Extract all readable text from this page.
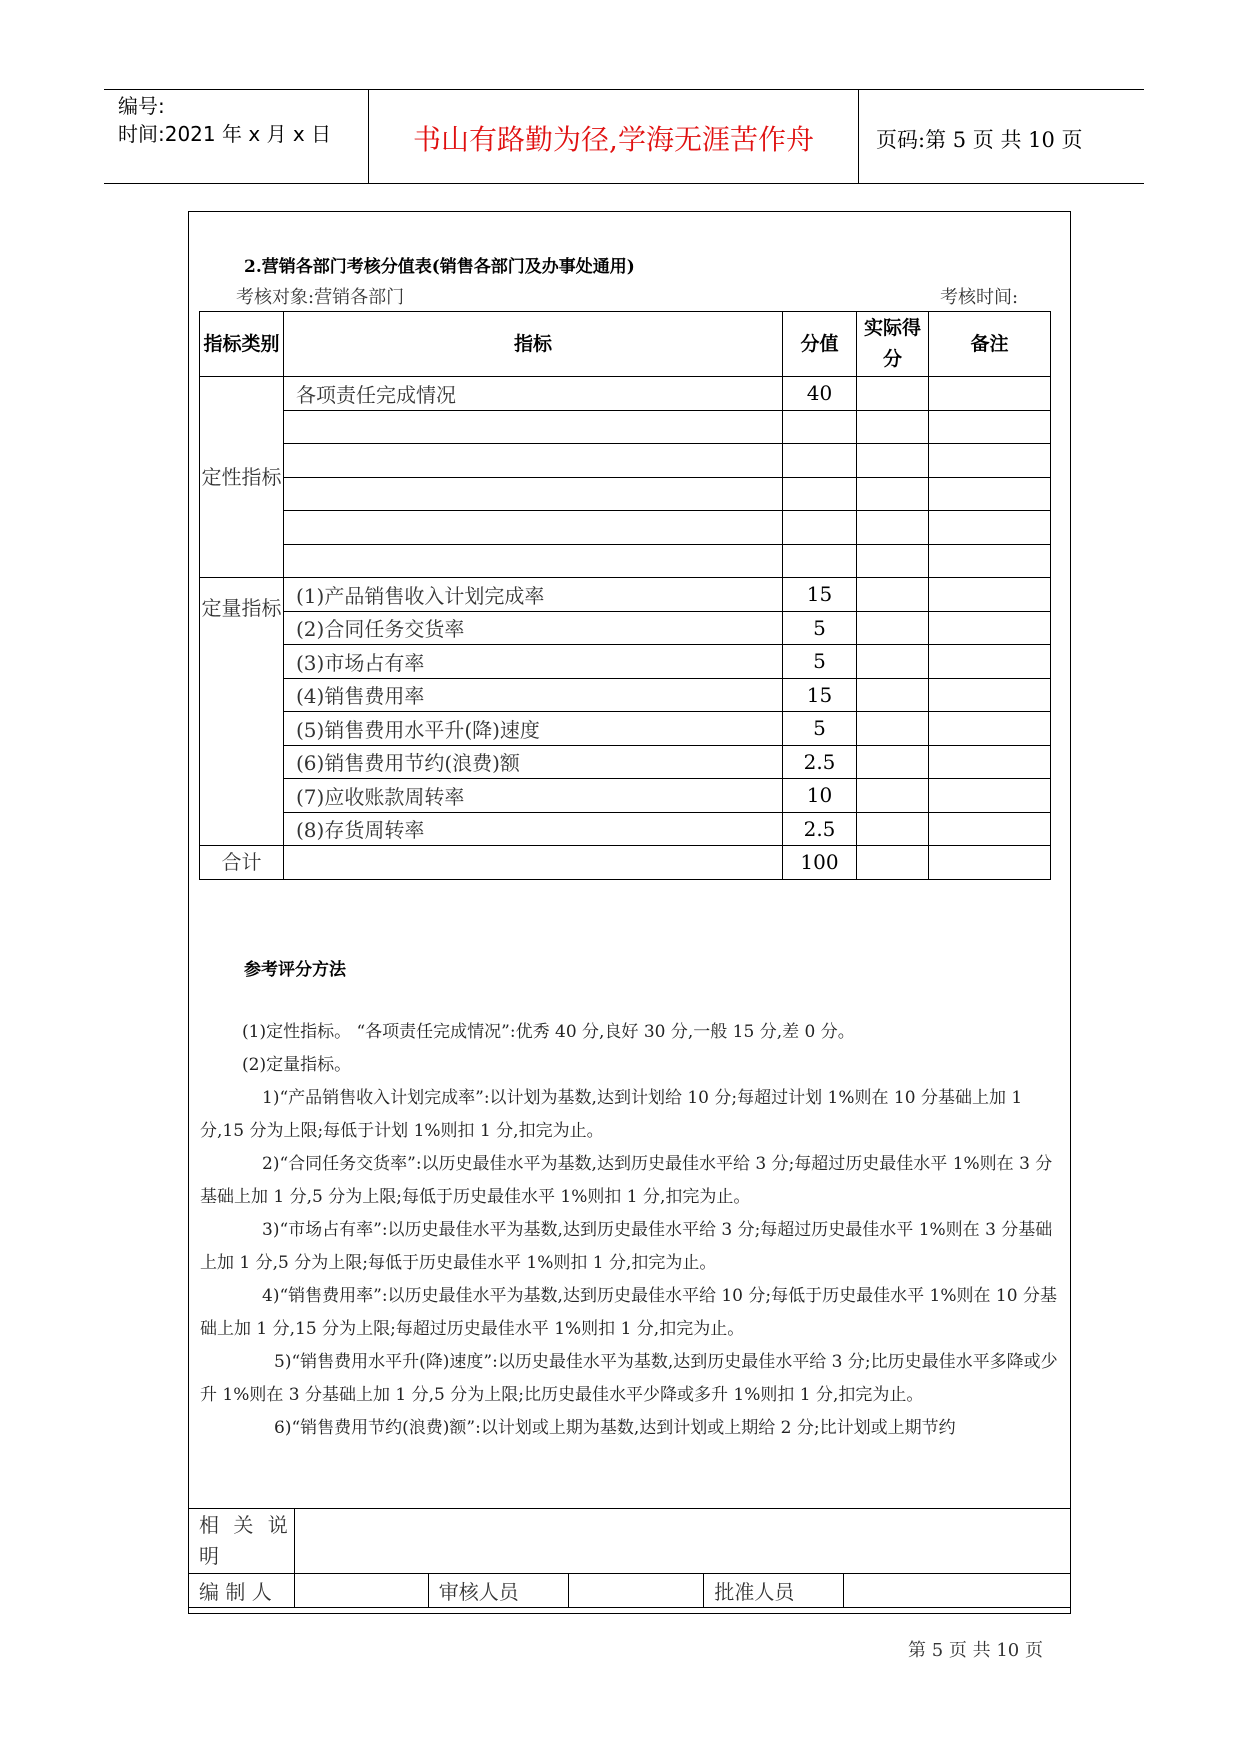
编号:
时间:2021 年 x 月 x 日	书山有路勤为径,学海无涯苦作舟	页码:第 5 页 共 10 页
2.营销各部门考核分值表(销售各部门及办事处通用)
考核对象:营销各部门	考核时间:
指标类别	指标	分值	实际得分	备注
定性指标	各项责任完成情况	40		

定量指标	(1)产品销售收入计划完成率	15		
	(2)合同任务交货率	5		
	(3)市场占有率	5		
	(4)销售费用率	15		
	(5)销售费用水平升(降)速度	5		
	(6)销售费用节约(浪费)额	2.5		
	(7)应收账款周转率	10		
	(8)存货周转率	2.5		
合计		100		
参考评分方法

(1)定性指标。 “各项责任完成情况”:优秀 40 分,良好 30 分,一般 15 分,差 0 分。

(2)定量指标。

1)“产品销售收入计划完成率”:以计划为基数,达到计划给 10 分;每超过计划 1%则在 10 分基础上加 1 分,15 分为上限;每低于计划 1%则扣 1 分,扣完为止。

2)“合同任务交货率”:以历史最佳水平为基数,达到历史最佳水平给 3 分;每超过历史最佳水平 1%则在 3 分基础上加 1 分,5 分为上限;每低于历史最佳水平 1%则扣 1 分,扣完为止。

3)“市场占有率”:以历史最佳水平为基数,达到历史最佳水平给 3 分;每超过历史最佳水平 1%则在 3 分基础上加 1 分,5 分为上限;每低于历史最佳水平 1%则扣 1 分,扣完为止。

4)“销售费用率”:以历史最佳水平为基数,达到历史最佳水平给 10 分;每低于历史最佳水平 1%则在 10 分基础上加 1 分,15 分为上限;每超过历史最佳水平 1%则扣 1 分,扣完为止。

5)“销售费用水平升(降)速度”:以历史最佳水平为基数,达到历史最佳水平给 3 分;比历史最佳水平多降或少升 1%则在 3 分基础上加 1 分,5 分为上限;比历史最佳水平少降或多升 1%则扣 1 分,扣完为止。

6)“销售费用节约(浪费)额”:以计划或上期为基数,达到计划或上期给 2 分;比计划或上期节约

相 关 说 明					
编 制 人		审核人员		批准人员	
第 5 页 共 10 页
